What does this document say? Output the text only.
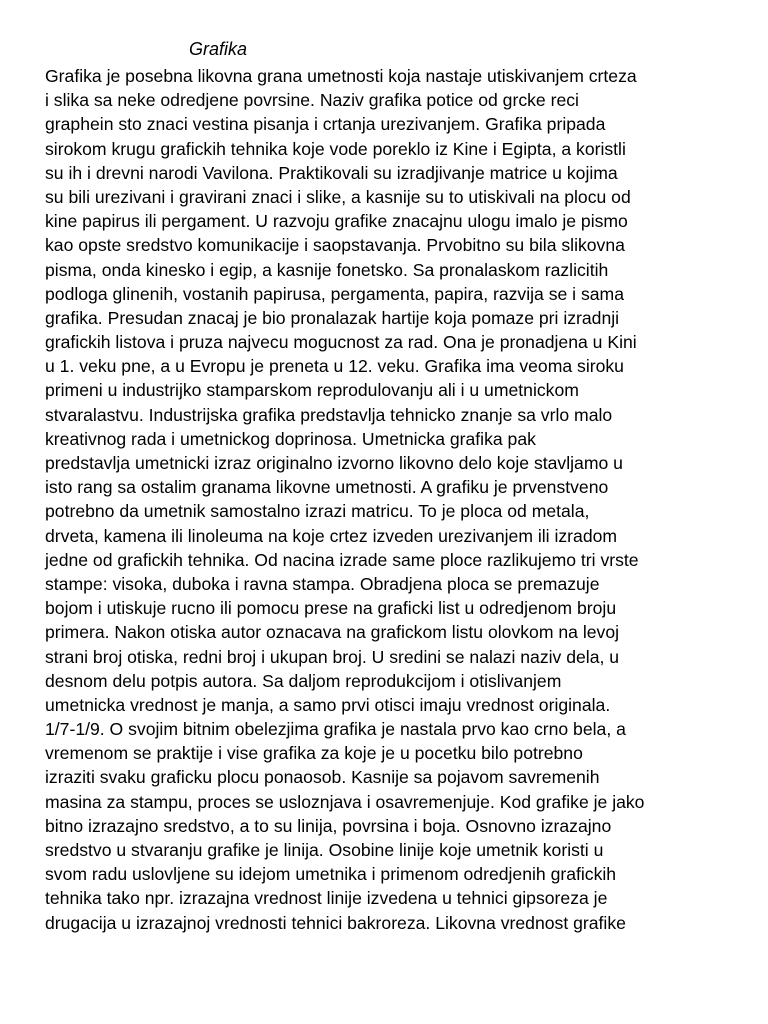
Grafika
Grafika je posebna likovna grana umetnosti koja nastaje utiskivanjem crteza
i slika sa neke odredjene povrsine. Naziv grafika potice od grcke reci
graphein sto znaci vestina pisanja i crtanja urezivanjem. Grafika pripada
sirokom krugu grafickih tehnika koje vode poreklo iz Kine i Egipta, a koristli
su ih i drevni narodi Vavilona. Praktikovali su izradjivanje matrice u kojima
su bili urezivani i gravirani znaci i slike, a kasnije su to utiskivali na plocu od
kine papirus ili pergament. U razvoju grafike znacajnu ulogu imalo je pismo
kao opste sredstvo komunikacije i saopstavanja. Prvobitno su bila slikovna
pisma, onda kinesko i egip, a kasnije fonetsko. Sa pronalaskom razlicitih
podloga glinenih, vostanih papirusa, pergamenta, papira, razvija se i sama
grafika. Presudan znacaj je bio pronalazak hartije koja pomaze pri izradnji
grafickih listova i pruza najvecu mogucnost za rad. Ona je pronadjena u Kini
u 1. veku pne, a u Evropu je preneta u 12. veku. Grafika ima veoma siroku
primeni u industrijko stamparskom reprodulovanju ali i u umetnickom
stvaralastvu. Industrijska grafika predstavlja tehnicko znanje sa vrlo malo
kreativnog rada i umetnickog doprinosa. Umetnicka grafika pak
predstavlja umetnicki izraz originalno izvorno likovno delo koje stavljamo u
isto rang sa ostalim granama likovne umetnosti. A grafiku je prvenstveno
potrebno da umetnik samostalno izrazi matricu. To je ploca od metala,
drveta, kamena ili linoleuma na koje crtez izveden urezivanjem ili izradom
jedne od grafickih tehnika. Od nacina izrade same ploce razlikujemo tri vrste
stampe: visoka, duboka i ravna stampa. Obradjena ploca se premazuje
bojom i utiskuje rucno ili pomocu prese na graficki list u odredjenom broju
primera. Nakon otiska autor oznacava na grafickom listu olovkom na levoj
strani broj otiska, redni broj i ukupan broj. U sredini se nalazi naziv dela, u
desnom delu potpis autora. Sa daljom reprodukcijom i otislivanjem
umetnicka vrednost je manja, a samo prvi otisci imaju vrednost originala.
1/7-1/9. O svojim bitnim obelezjima grafika je nastala prvo kao crno bela, a
vremenom se praktije i vise grafika za koje je u pocetku bilo potrebno
izraziti svaku graficku plocu ponaosob. Kasnije sa pojavom savremenih
masina za stampu, proces se usloznjava i osavremenjuje. Kod grafike je jako
bitno izrazajno sredstvo, a to su linija, povrsina i boja. Osnovno izrazajno
sredstvo u stvaranju grafike je linija. Osobine linije koje umetnik koristi u
svom radu uslovljene su idejom umetnika i primenom odredjenih grafickih
tehnika tako npr. izrazajna vrednost linije izvedena u tehnici gipsoreza je
drugacija u izrazajnoj vrednosti tehnici bakroreza. Likovna vrednost grafike
